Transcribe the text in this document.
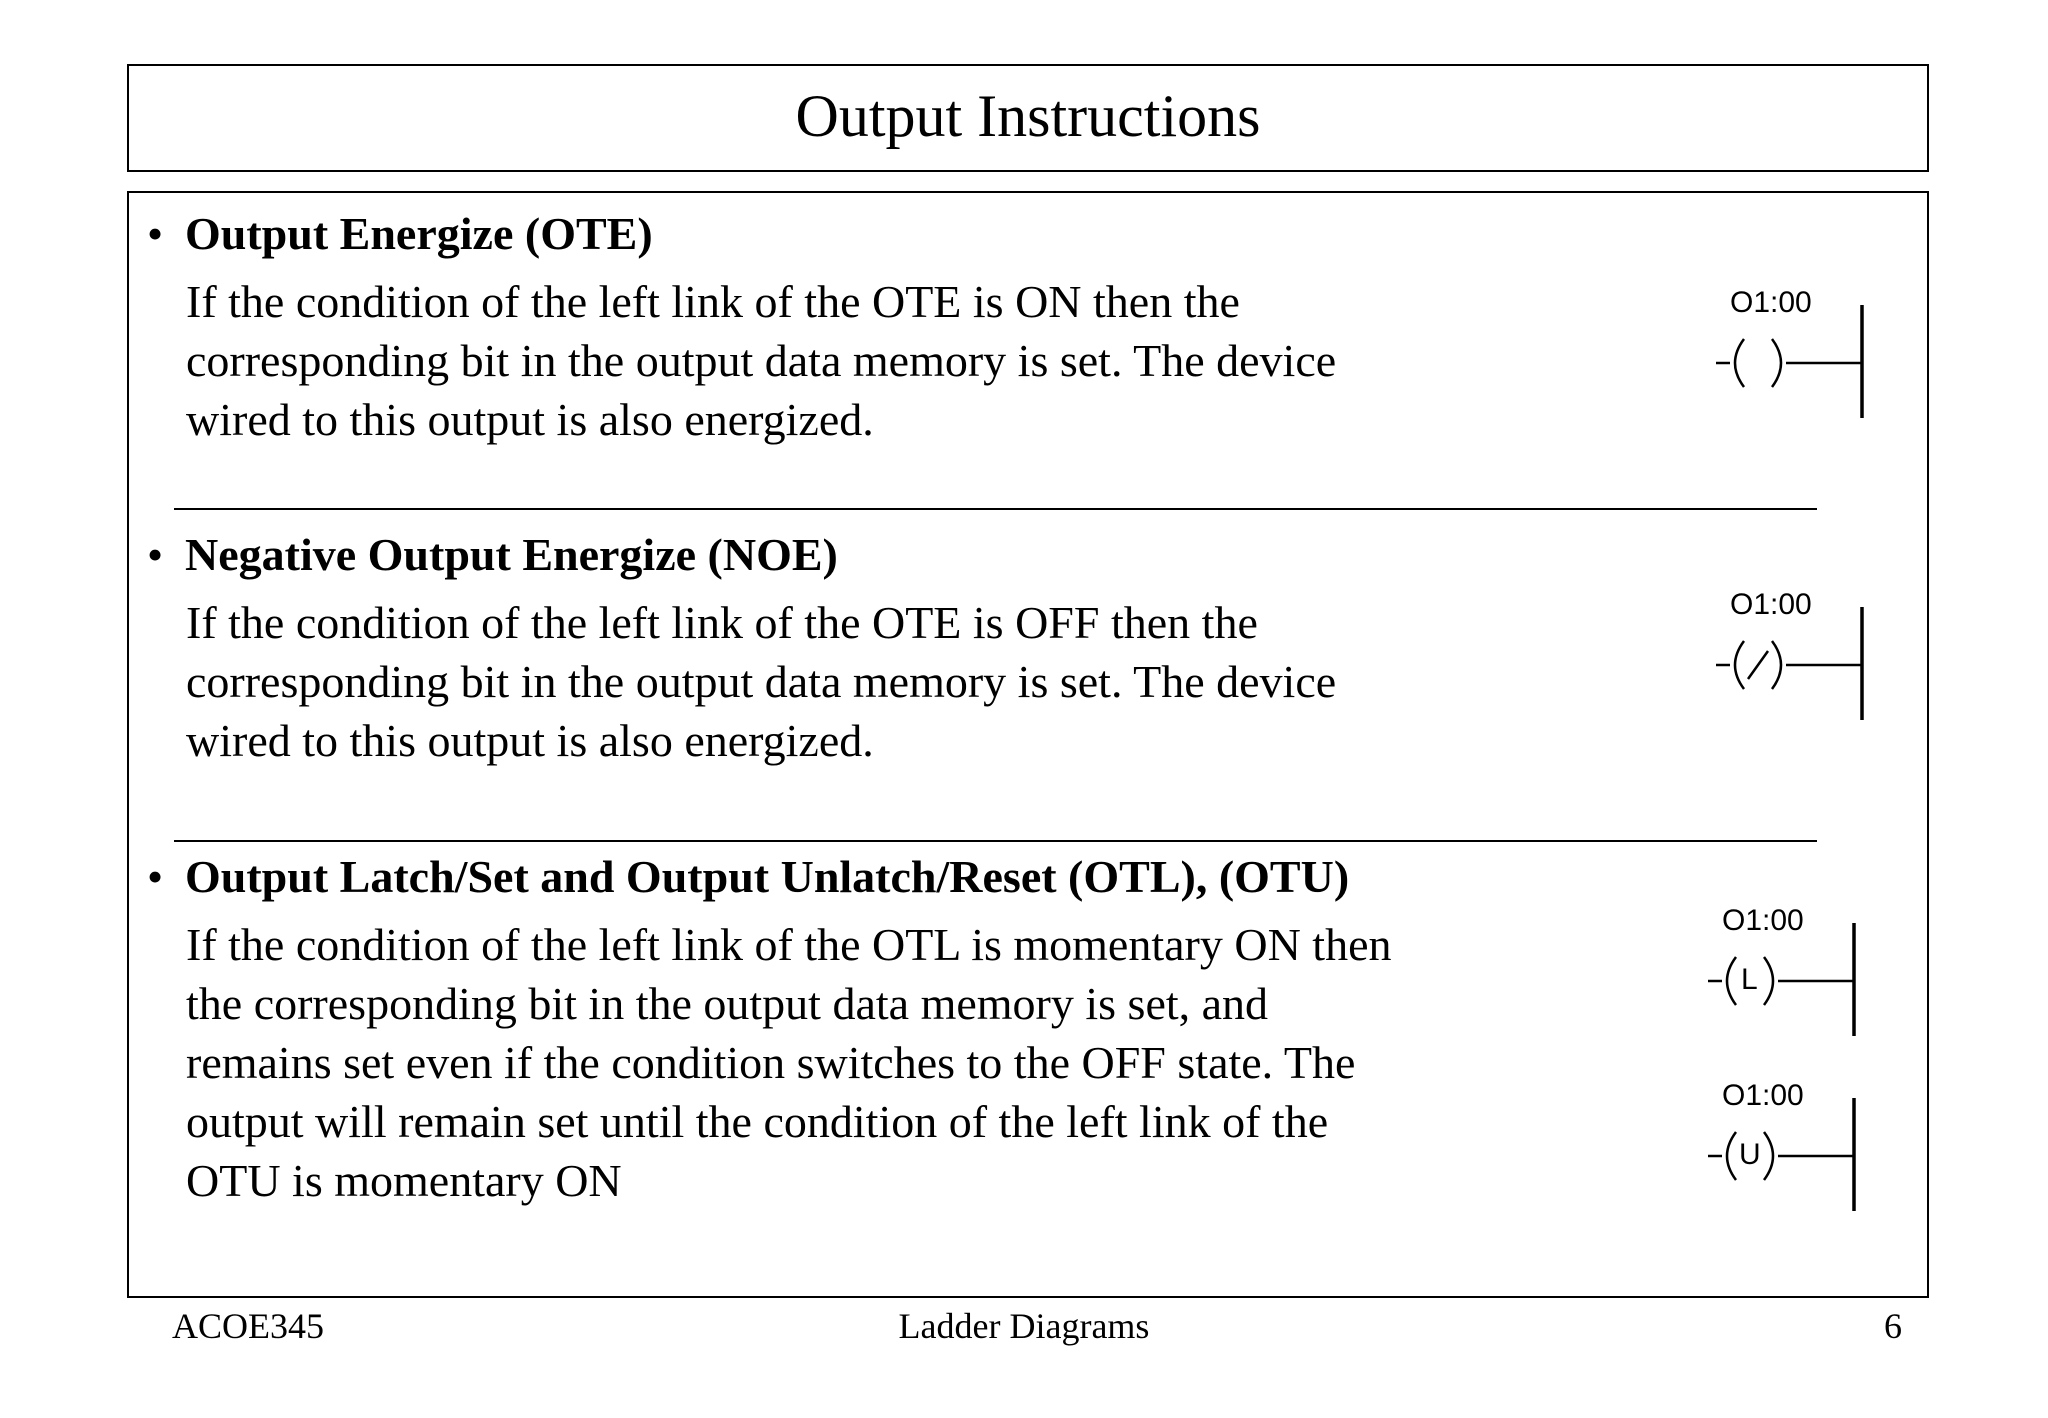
Output Instructions
• Output Energize (OTE)
If the condition of the left link of the OTE is ON then the
corresponding bit in the output data memory is set. The device
wired to this output is also energized.
• Negative Output Energize (NOE)
If the condition of the left link of the OTE is OFF then the
corresponding bit in the output data memory is set. The device
wired to this output is also energized.
• Output Latch/Set and Output Unlatch/Reset (OTL), (OTU)
If the condition of the left link of the OTL is momentary ON then
the corresponding bit in the output data memory is set, and
remains set even if the condition switches to the OFF state. The
output will remain set until the condition of the left link of the
OTU is momentary ON
O1:00
O1:00
O1:00
L
O1:00
U
ACOE345	Ladder Diagrams	6
